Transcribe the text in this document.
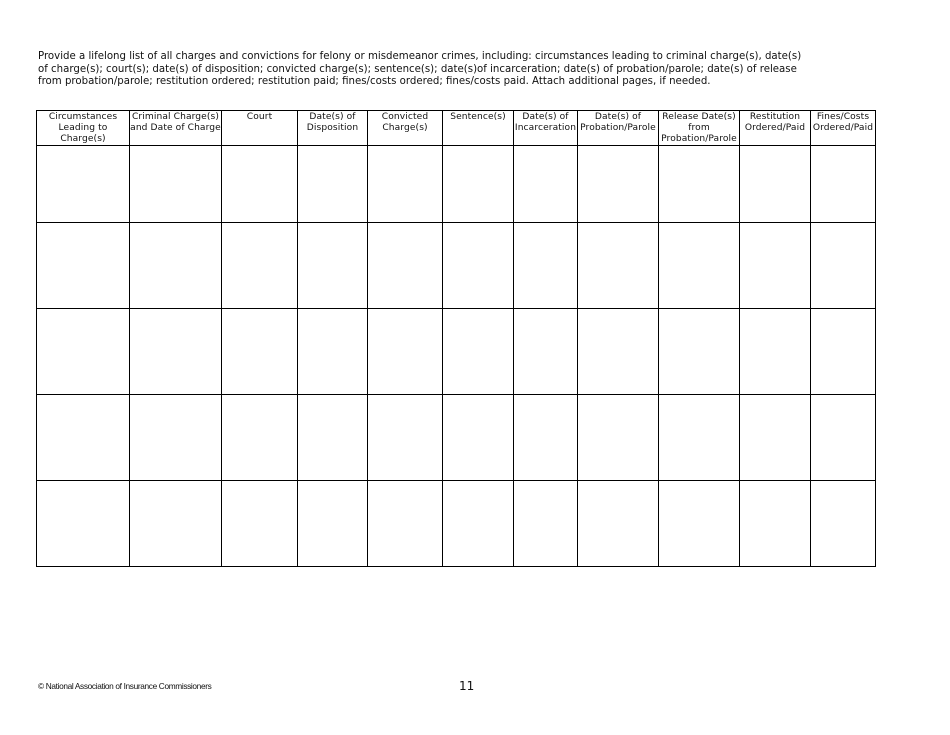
Provide a lifelong list of all charges and convictions for felony or misdemeanor crimes, including: circumstances leading to criminal charge(s), date(s)
of charge(s); court(s); date(s) of disposition; convicted charge(s); sentence(s); date(s)of incarceration; date(s) of probation/parole; date(s) of release
from probation/parole; restitution ordered; restitution paid; fines/costs ordered; fines/costs paid. Attach additional pages, if needed.
Circumstances Leading to Charge(s)	Criminal Charge(s) and Date of Charge	Court	Date(s) of Disposition	Convicted Charge(s)	Sentence(s)	Date(s) of Incarceration	Date(s) of Probation/Parole	Release Date(s) from Probation/Parole	Restitution Ordered/Paid	Fines/Costs Ordered/Paid

© National Association of Insurance Commissioners	11
